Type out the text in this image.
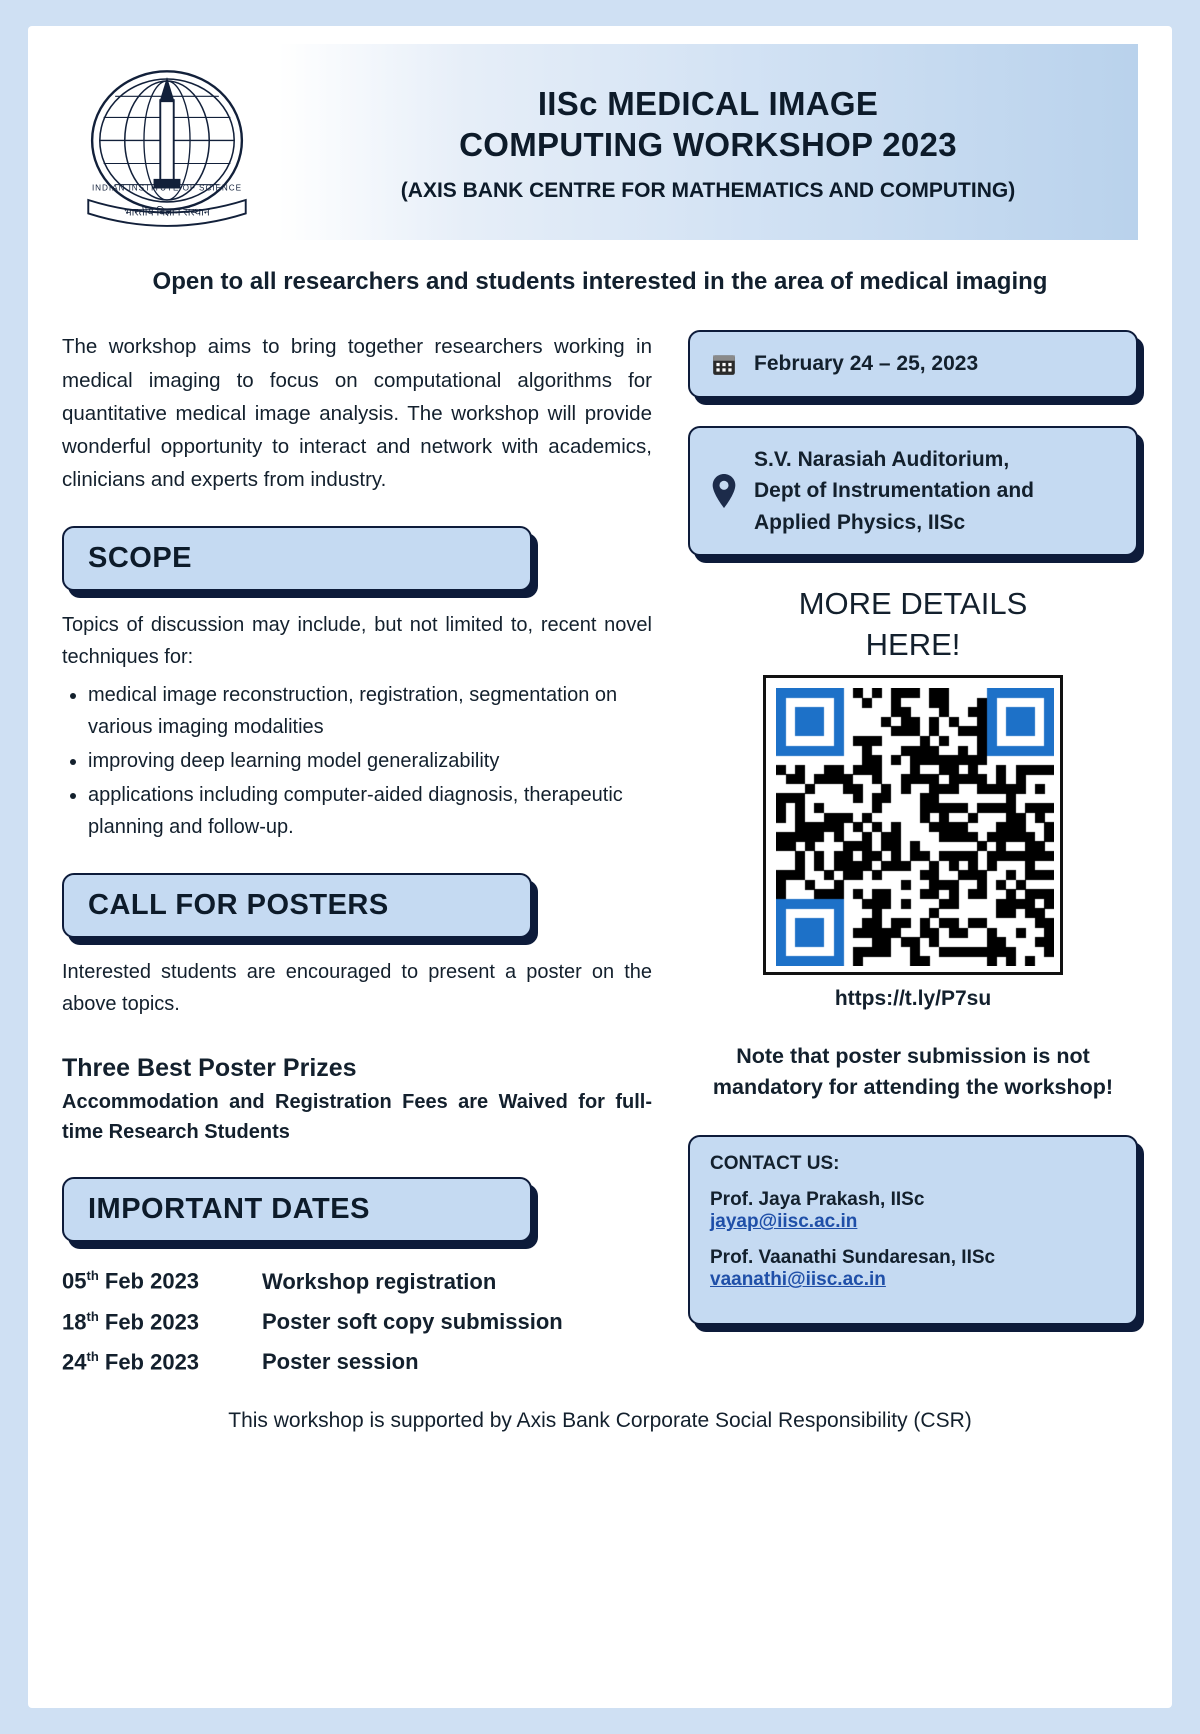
भारतीय विज्ञान संस्थान
INDIAN INSTITUTE OF SCIENCE
IISc MEDICAL IMAGE
COMPUTING WORKSHOP 2023
(AXIS BANK CENTRE FOR MATHEMATICS AND COMPUTING)
Open to all researchers and students interested in the area of medical imaging

The workshop aims to bring together researchers working in medical imaging to focus on computational algorithms for quantitative medical image analysis. The workshop will provide wonderful opportunity to interact and network with academics, clinicians and experts from industry.

SCOPE

Topics of discussion may include, but not limited to, recent novel techniques for:

• medical image reconstruction, registration, segmentation on various imaging modalities
• improving deep learning model generalizability
• applications including computer-aided diagnosis, therapeutic planning and follow-up.
CALL FOR POSTERS

Interested students are encouraged to present a poster on the above topics.

Three Best Poster Prizes

Accommodation and Registration Fees are Waived for full-time Research Students

IMPORTANT DATES
05th Feb 2023	Workshop registration
18th Feb 2023	Poster soft copy submission
24th Feb 2023	Poster session
February 24 – 25, 2023
S.V. Narasiah Auditorium,
Dept of Instrumentation and
Applied Physics, IISc
MORE DETAILS
HERE!
https://t.ly/P7su
Note that poster submission is not mandatory for attending the workshop!
CONTACT US:
Prof. Jaya Prakash, IISc
jayap@iisc.ac.in
Prof. Vaanathi Sundaresan, IISc
vaanathi@iisc.ac.in
This workshop is supported by Axis Bank Corporate Social Responsibility (CSR)
